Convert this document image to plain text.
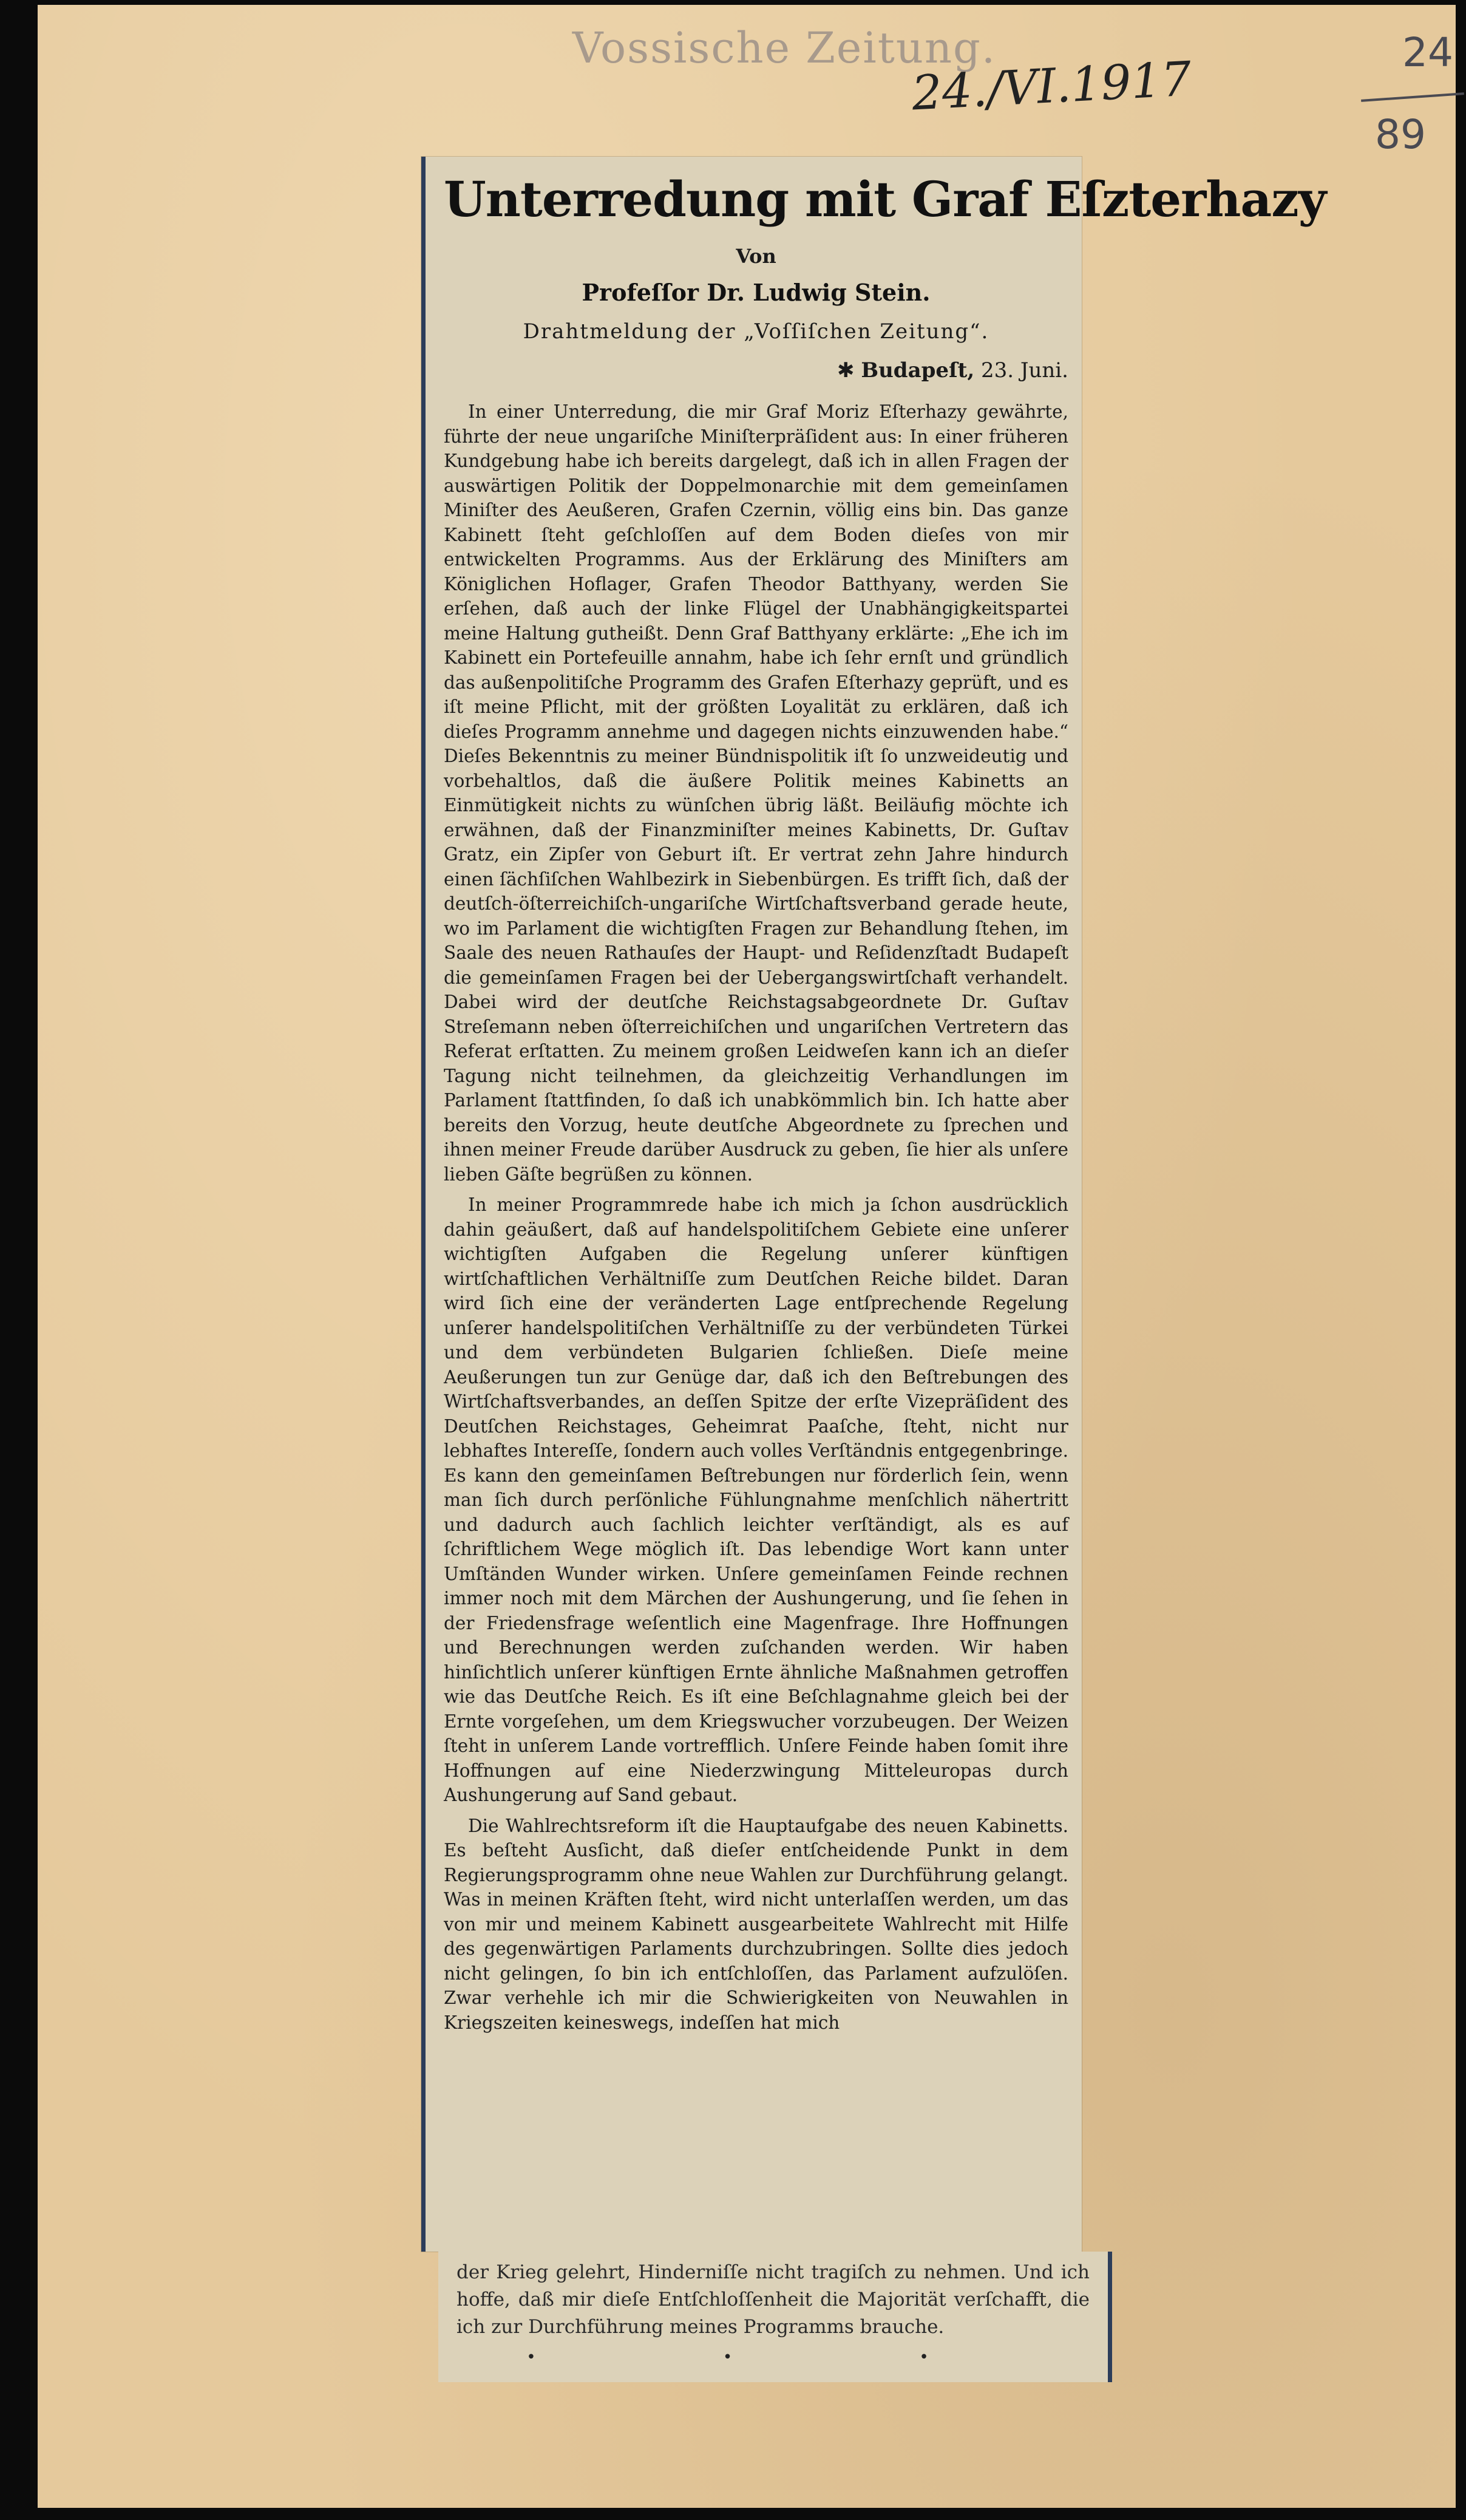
Vossische Zeitung.
24./VI.1917	24
89
Unterredung mit Graf Eſzterhazy
Von
Profeſſor Dr. Ludwig Stein.
Drahtmeldung der „Voſſiſchen Zeitung“.
✱ Budapeſt, 23. Juni.

In einer Unterredung, die mir Graf Moriz Eſterhazy gewährte, führte der neue ungariſche Miniſterpräſident aus: In einer früheren Kundgebung habe ich bereits dargelegt, daß ich in allen Fragen der auswärtigen Politik der Doppelmonarchie mit dem gemeinſamen Miniſter des Aeußeren, Grafen Czernin, völlig eins bin. Das ganze Kabinett ſteht geſchloſſen auf dem Boden dieſes von mir entwickelten Programms. Aus der Erklärung des Miniſters am Königlichen Hoflager, Grafen Theodor Batthyany, werden Sie erſehen, daß auch der linke Flügel der Unabhängigkeitspartei meine Haltung gutheißt. Denn Graf Batthyany erklärte: „Ehe ich im Kabinett ein Portefeuille annahm, habe ich ſehr ernſt und gründlich das außenpolitiſche Programm des Grafen Eſterhazy geprüft, und es iſt meine Pflicht, mit der größten Loyalität zu erklären, daß ich dieſes Programm annehme und dagegen nichts einzuwenden habe.“ Dieſes Bekenntnis zu meiner Bündnispolitik iſt ſo unzweideutig und vorbehaltlos, daß die äußere Politik meines Kabinetts an Einmütigkeit nichts zu wünſchen übrig läßt. Beiläufig möchte ich erwähnen, daß der Finanzminiſter meines Kabinetts, Dr. Guſtav Gratz, ein Zipſer von Geburt iſt. Er vertrat zehn Jahre hindurch einen ſächſiſchen Wahlbezirk in Siebenbürgen. Es trifft ſich, daß der deutſch-öſterreichiſch-ungariſche Wirtſchaftsverband gerade heute, wo im Parlament die wichtigſten Fragen zur Behandlung ſtehen, im Saale des neuen Rathauſes der Haupt- und Reſidenzſtadt Budapeſt die gemeinſamen Fragen bei der Uebergangswirtſchaft verhandelt. Dabei wird der deutſche Reichstagsabgeordnete Dr. Guſtav Streſemann neben öſterreichiſchen und ungariſchen Vertretern das Referat erſtatten. Zu meinem großen Leidweſen kann ich an dieſer Tagung nicht teilnehmen, da gleichzeitig Verhandlungen im Parlament ſtattfinden, ſo daß ich unabkömmlich bin. Ich hatte aber bereits den Vorzug, heute deutſche Abgeordnete zu ſprechen und ihnen meiner Freude darüber Ausdruck zu geben, ſie hier als unſere lieben Gäſte begrüßen zu können.

In meiner Programmrede habe ich mich ja ſchon ausdrücklich dahin geäußert, daß auf handelspolitiſchem Gebiete eine unſerer wichtigſten Aufgaben die Regelung unſerer künftigen wirtſchaftlichen Verhältniſſe zum Deutſchen Reiche bildet. Daran wird ſich eine der veränderten Lage entſprechende Regelung unſerer handelspolitiſchen Verhältniſſe zu der verbündeten Türkei und dem verbündeten Bulgarien ſchließen. Dieſe meine Aeußerungen tun zur Genüge dar, daß ich den Beſtrebungen des Wirtſchaftsverbandes, an deſſen Spitze der erſte Vizepräſident des Deutſchen Reichstages, Geheimrat Paaſche, ſteht, nicht nur lebhaftes Intereſſe, ſondern auch volles Verſtändnis entgegenbringe. Es kann den gemeinſamen Beſtrebungen nur förderlich ſein, wenn man ſich durch perſönliche Fühlungnahme menſchlich nähertritt und dadurch auch ſachlich leichter verſtändigt, als es auf ſchriftlichem Wege möglich iſt. Das lebendige Wort kann unter Umſtänden Wunder wirken. Unſere gemeinſamen Feinde rechnen immer noch mit dem Märchen der Aushungerung, und ſie ſehen in der Friedensfrage weſentlich eine Magenfrage. Ihre Hoffnungen und Berechnungen werden zuſchanden werden. Wir haben hinſichtlich unſerer künftigen Ernte ähnliche Maßnahmen getroffen wie das Deutſche Reich. Es iſt eine Beſchlagnahme gleich bei der Ernte vorgeſehen, um dem Kriegswucher vorzubeugen. Der Weizen ſteht in unſerem Lande vortrefflich. Unſere Feinde haben ſomit ihre Hoffnungen auf eine Niederzwingung Mitteleuropas durch Aushungerung auf Sand gebaut.

Die Wahlrechtsreform iſt die Hauptaufgabe des neuen Kabinetts. Es beſteht Ausſicht, daß dieſer entſcheidende Punkt in dem Regierungsprogramm ohne neue Wahlen zur Durchführung gelangt. Was in meinen Kräften ſteht, wird nicht unterlaſſen werden, um das von mir und meinem Kabinett ausgearbeitete Wahlrecht mit Hilfe des gegenwärtigen Parlaments durchzubringen. Sollte dies jedoch nicht gelingen, ſo bin ich entſchloſſen, das Parlament aufzulöſen. Zwar verhehle ich mir die Schwierigkeiten von Neuwahlen in Kriegszeiten keineswegs, indeſſen hat mich

der Krieg gelehrt, Hinderniſſe nicht tragiſch zu nehmen. Und ich hoffe, daß mir dieſe Entſchloſſenheit die Majorität verſchafft, die ich zur Durchführung meines Programms brauche.

• • •
